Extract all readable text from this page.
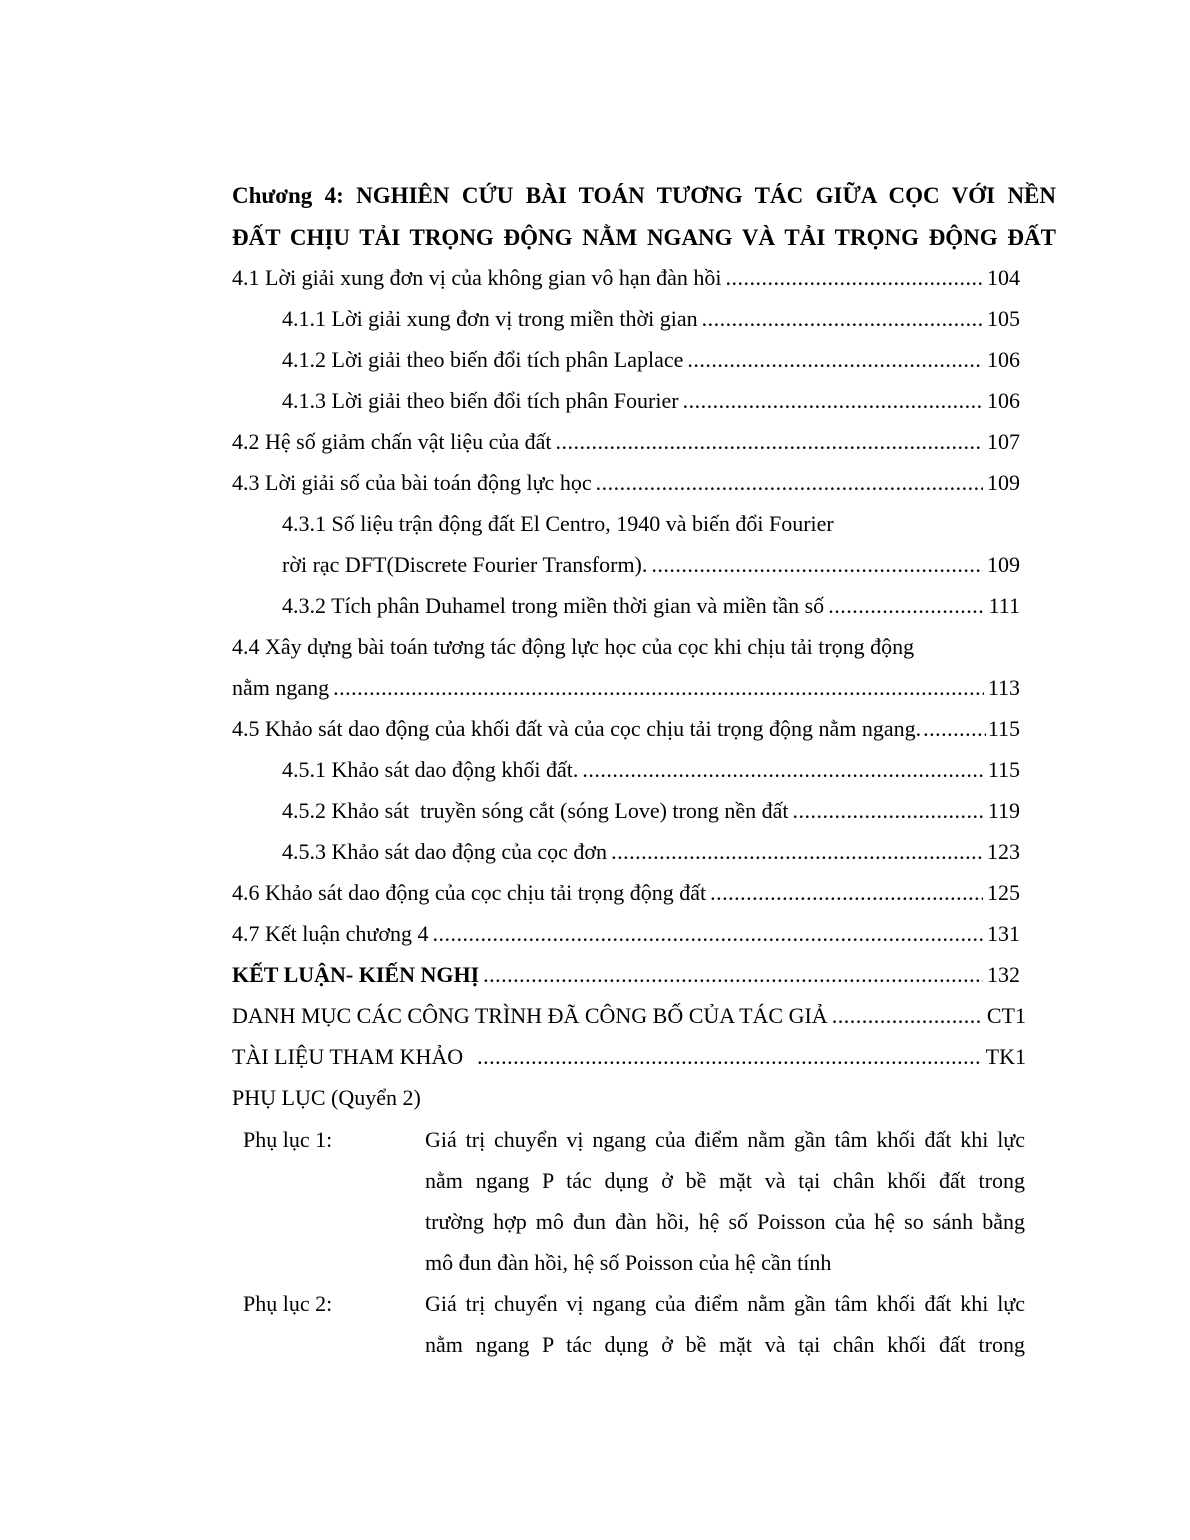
Chương 4: NGHIÊN CỨU BÀI TOÁN TƯƠNG TÁC GIỮA CỌC VỚI NỀN
ĐẤT CHỊU TẢI TRỌNG ĐỘNG NẰM NGANG VÀ TẢI TRỌNG ĐỘNG ĐẤT
4.1 Lời giải xung đơn vị của không gian vô hạn đàn hồi .....	104
4.1.1 Lời giải xung đơn vị trong miền thời gian .....	105
4.1.2 Lời giải theo biến đổi tích phân Laplace .....	106
4.1.3 Lời giải theo biến đổi tích phân Fourier .....	106
4.2 Hệ số giảm chấn vật liệu của đất .....	107
4.3 Lời giải số của bài toán động lực học .....	109
4.3.1 Số liệu trận động đất El Centro, 1940 và biến đổi Fourier
rời rạc DFT(Discrete Fourier Transform). .....	109
4.3.2 Tích phân Duhamel trong miền thời gian và miền tần số .....	111
4.4 Xây dựng bài toán tương tác động lực học của cọc khi chịu tải trọng động
nằm ngang .....	113
4.5 Khảo sát dao động của khối đất và của cọc chịu tải trọng động nằm ngang. .....	115
4.5.1 Khảo sát dao động khối đất. .....	115
4.5.2 Khảo sát  truyền sóng cắt (sóng Love) trong nền đất .....	119
4.5.3 Khảo sát dao động của cọc đơn .....	123
4.6 Khảo sát dao động của cọc chịu tải trọng động đất .....	125
4.7 Kết luận chương 4 .....	131
KẾT LUẬN- KIẾN NGHỊ .....	132
DANH MỤC CÁC CÔNG TRÌNH ĐÃ CÔNG BỐ CỦA TÁC GIẢ .....	CT1
TÀI LIỆU THAM KHẢO .....	TK1
PHỤ LỤC (Quyển 2)
Phụ lục 1:	Giá trị chuyển vị ngang của điểm nằm gần tâm khối đất khi lực
nằm ngang P tác dụng ở bề mặt và tại chân khối đất trong
trường hợp mô đun đàn hồi, hệ số Poisson của hệ so sánh bằng
mô đun đàn hồi, hệ số Poisson của hệ cần tính
Phụ lục 2:	Giá trị chuyển vị ngang của điểm nằm gần tâm khối đất khi lực
nằm ngang P tác dụng ở bề mặt và tại chân khối đất trong
